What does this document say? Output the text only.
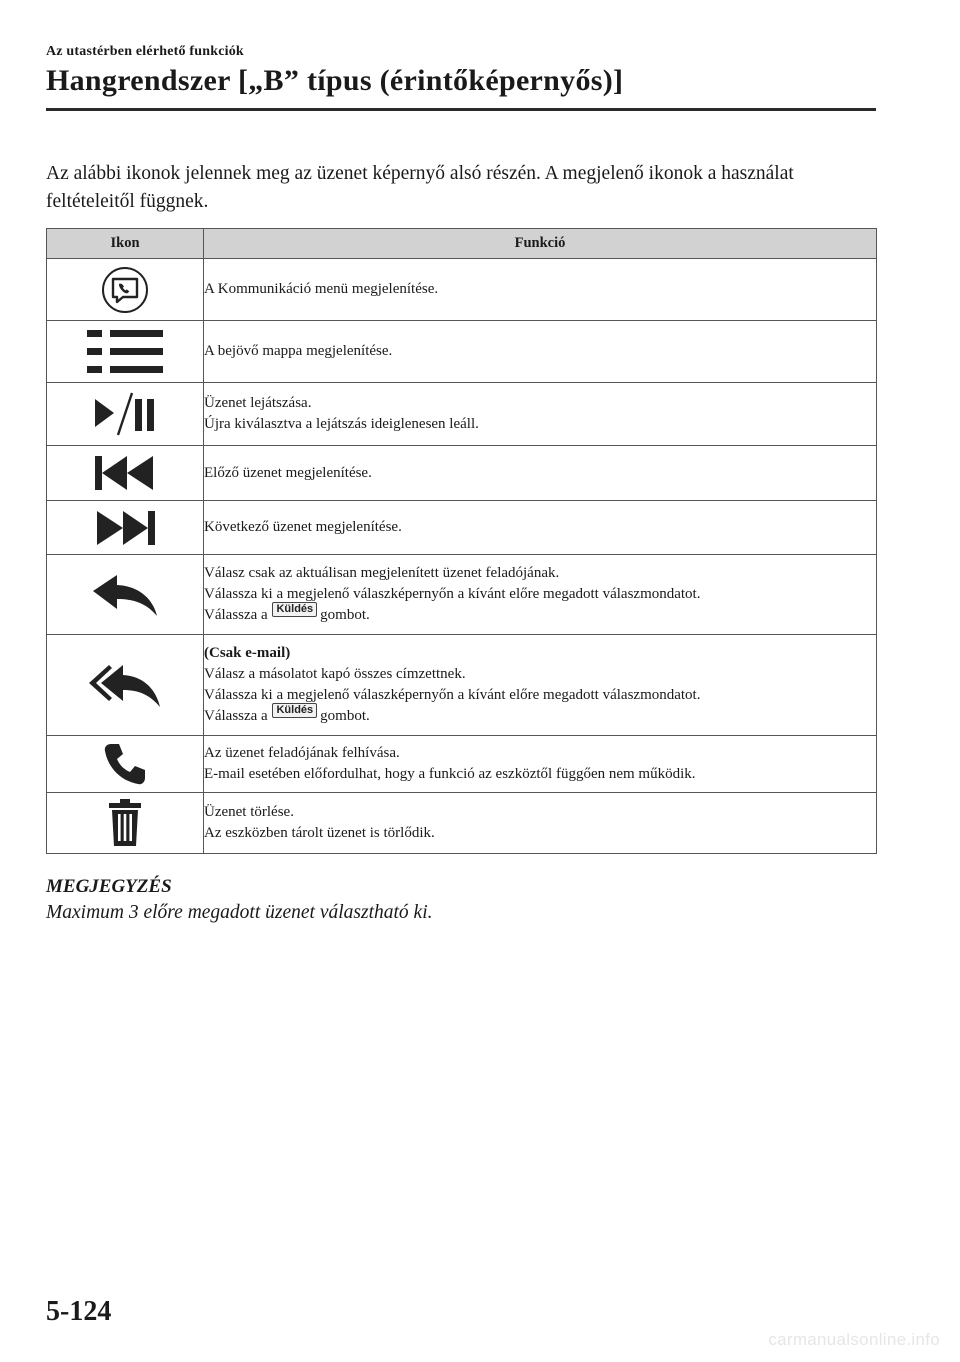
Az utastérben elérhető funkciók
Hangrendszer [„B” típus (érintőképernyős)]

Az alábbi ikonok jelennek meg az üzenet képernyő alsó részén. A megjelenő ikonok a használat feltételeitől függnek.

Ikon	Funkció

A Kommunikáció menü megjelenítése.

A bejövő mappa megjelenítése.

Üzenet lejátszása.
Újra kiválasztva a lejátszás ideiglenesen leáll.

Előző üzenet megjelenítése.

Következő üzenet megjelenítése.

Válasz csak az aktuálisan megjelenített üzenet feladójának.
Válassza ki a megjelenő válaszképernyőn a kívánt előre megadott válaszmondatot.
Válassza a Küldés gombot.

(Csak e-mail)
Válasz a másolatot kapó összes címzettnek.
Válassza ki a megjelenő válaszképernyőn a kívánt előre megadott válaszmondatot.
Válassza a Küldés gombot.

Az üzenet feladójának felhívása.
E-mail esetében előfordulhat, hogy a funkció az eszköztől függően nem működik.

Üzenet törlése.
Az eszközben tárolt üzenet is törlődik.
MEGJEGYZÉS
Maximum 3 előre megadott üzenet választható ki.
5-124
carmanualsonline.info
